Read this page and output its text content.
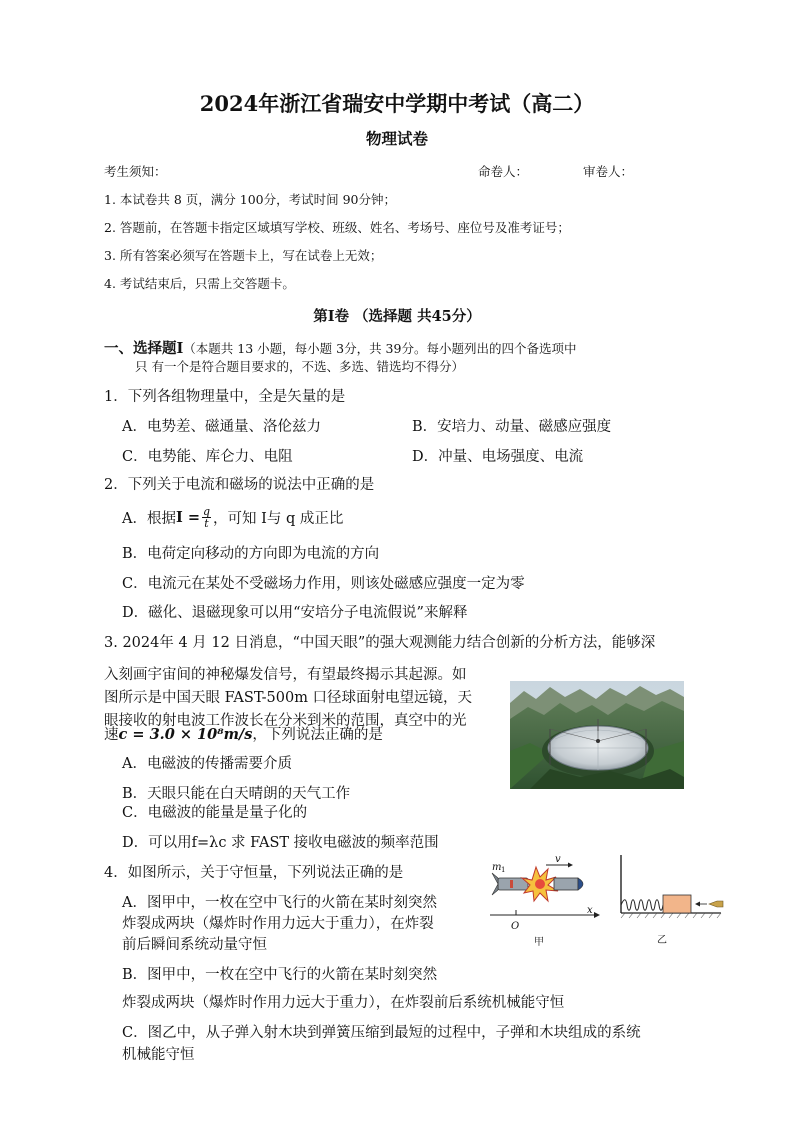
2024年浙江省瑞安中学期中考试（高二）
物理试卷
考生须知：	命卷人：	审卷人：
1. 本试卷共 8 页，满分 100分，考试时间 90分钟；
2. 答题前，在答题卡指定区域填写学校、班级、姓名、考场号、座位号及准考证号；
3. 所有答案必须写在答题卡上，写在试卷上无效；
4. 考试结束后，只需上交答题卡。
第Ⅰ卷 （选择题 共45分）
一、选择题Ⅰ（本题共 13 小题，每小题 3分，共 39分。每小题列出的四个备选项中
只 有一个是符合题目要求的，不选、多选、错选均不得分）
1．下列各组物理量中，全是矢量的是
A．电势差、磁通量、洛伦兹力	B．安培力、动量、磁感应强度
C．电势能、库仑力、电阻	D．冲量、电场强度、电流
2．下列关于电流和磁场的说法中正确的是
A．根据 $I = \frac{q}{t}$ ，可知 I与 q 成正比
B．电荷定向移动的方向即为电流的方向
C．电流元在某处不受磁场力作用，则该处磁感应强度一定为零
D．磁化、退磁现象可以用“安培分子电流假说”来解释
3. 2024年 4 月 12 日消息，“中国天眼”的强大观测能力结合创新的分析方法，能够深
入刻画宇宙间的神秘爆发信号，有望最终揭示其起源。如
图所示是中国天眼 FAST-500m 口径球面射电望远镜，天
眼接收的射电波工作波长在分米到米的范围，真空中的光
速c = 3.0 × 10⁸m/s，下列说法正确的是
A．电磁波的传播需要介质
B．天眼只能在白天晴朗的天气工作
C．电磁波的能量是量子化的
D．可以用f=λc 求 FAST 接收电磁波的频率范围
4．如图所示，关于守恒量，下列说法正确的是
A．图甲中，一枚在空中飞行的火箭在某时刻突然
炸裂成两块（爆炸时作用力远大于重力），在炸裂
前后瞬间系统动量守恒
B．图甲中，一枚在空中飞行的火箭在某时刻突然
炸裂成两块（爆炸时作用力远大于重力），在炸裂前后系统机械能守恒
C．图乙中，从子弹入射木块到弹簧压缩到最短的过程中，子弹和木块组成的系统
机械能守恒
v
m 1
x
O
甲	乙
